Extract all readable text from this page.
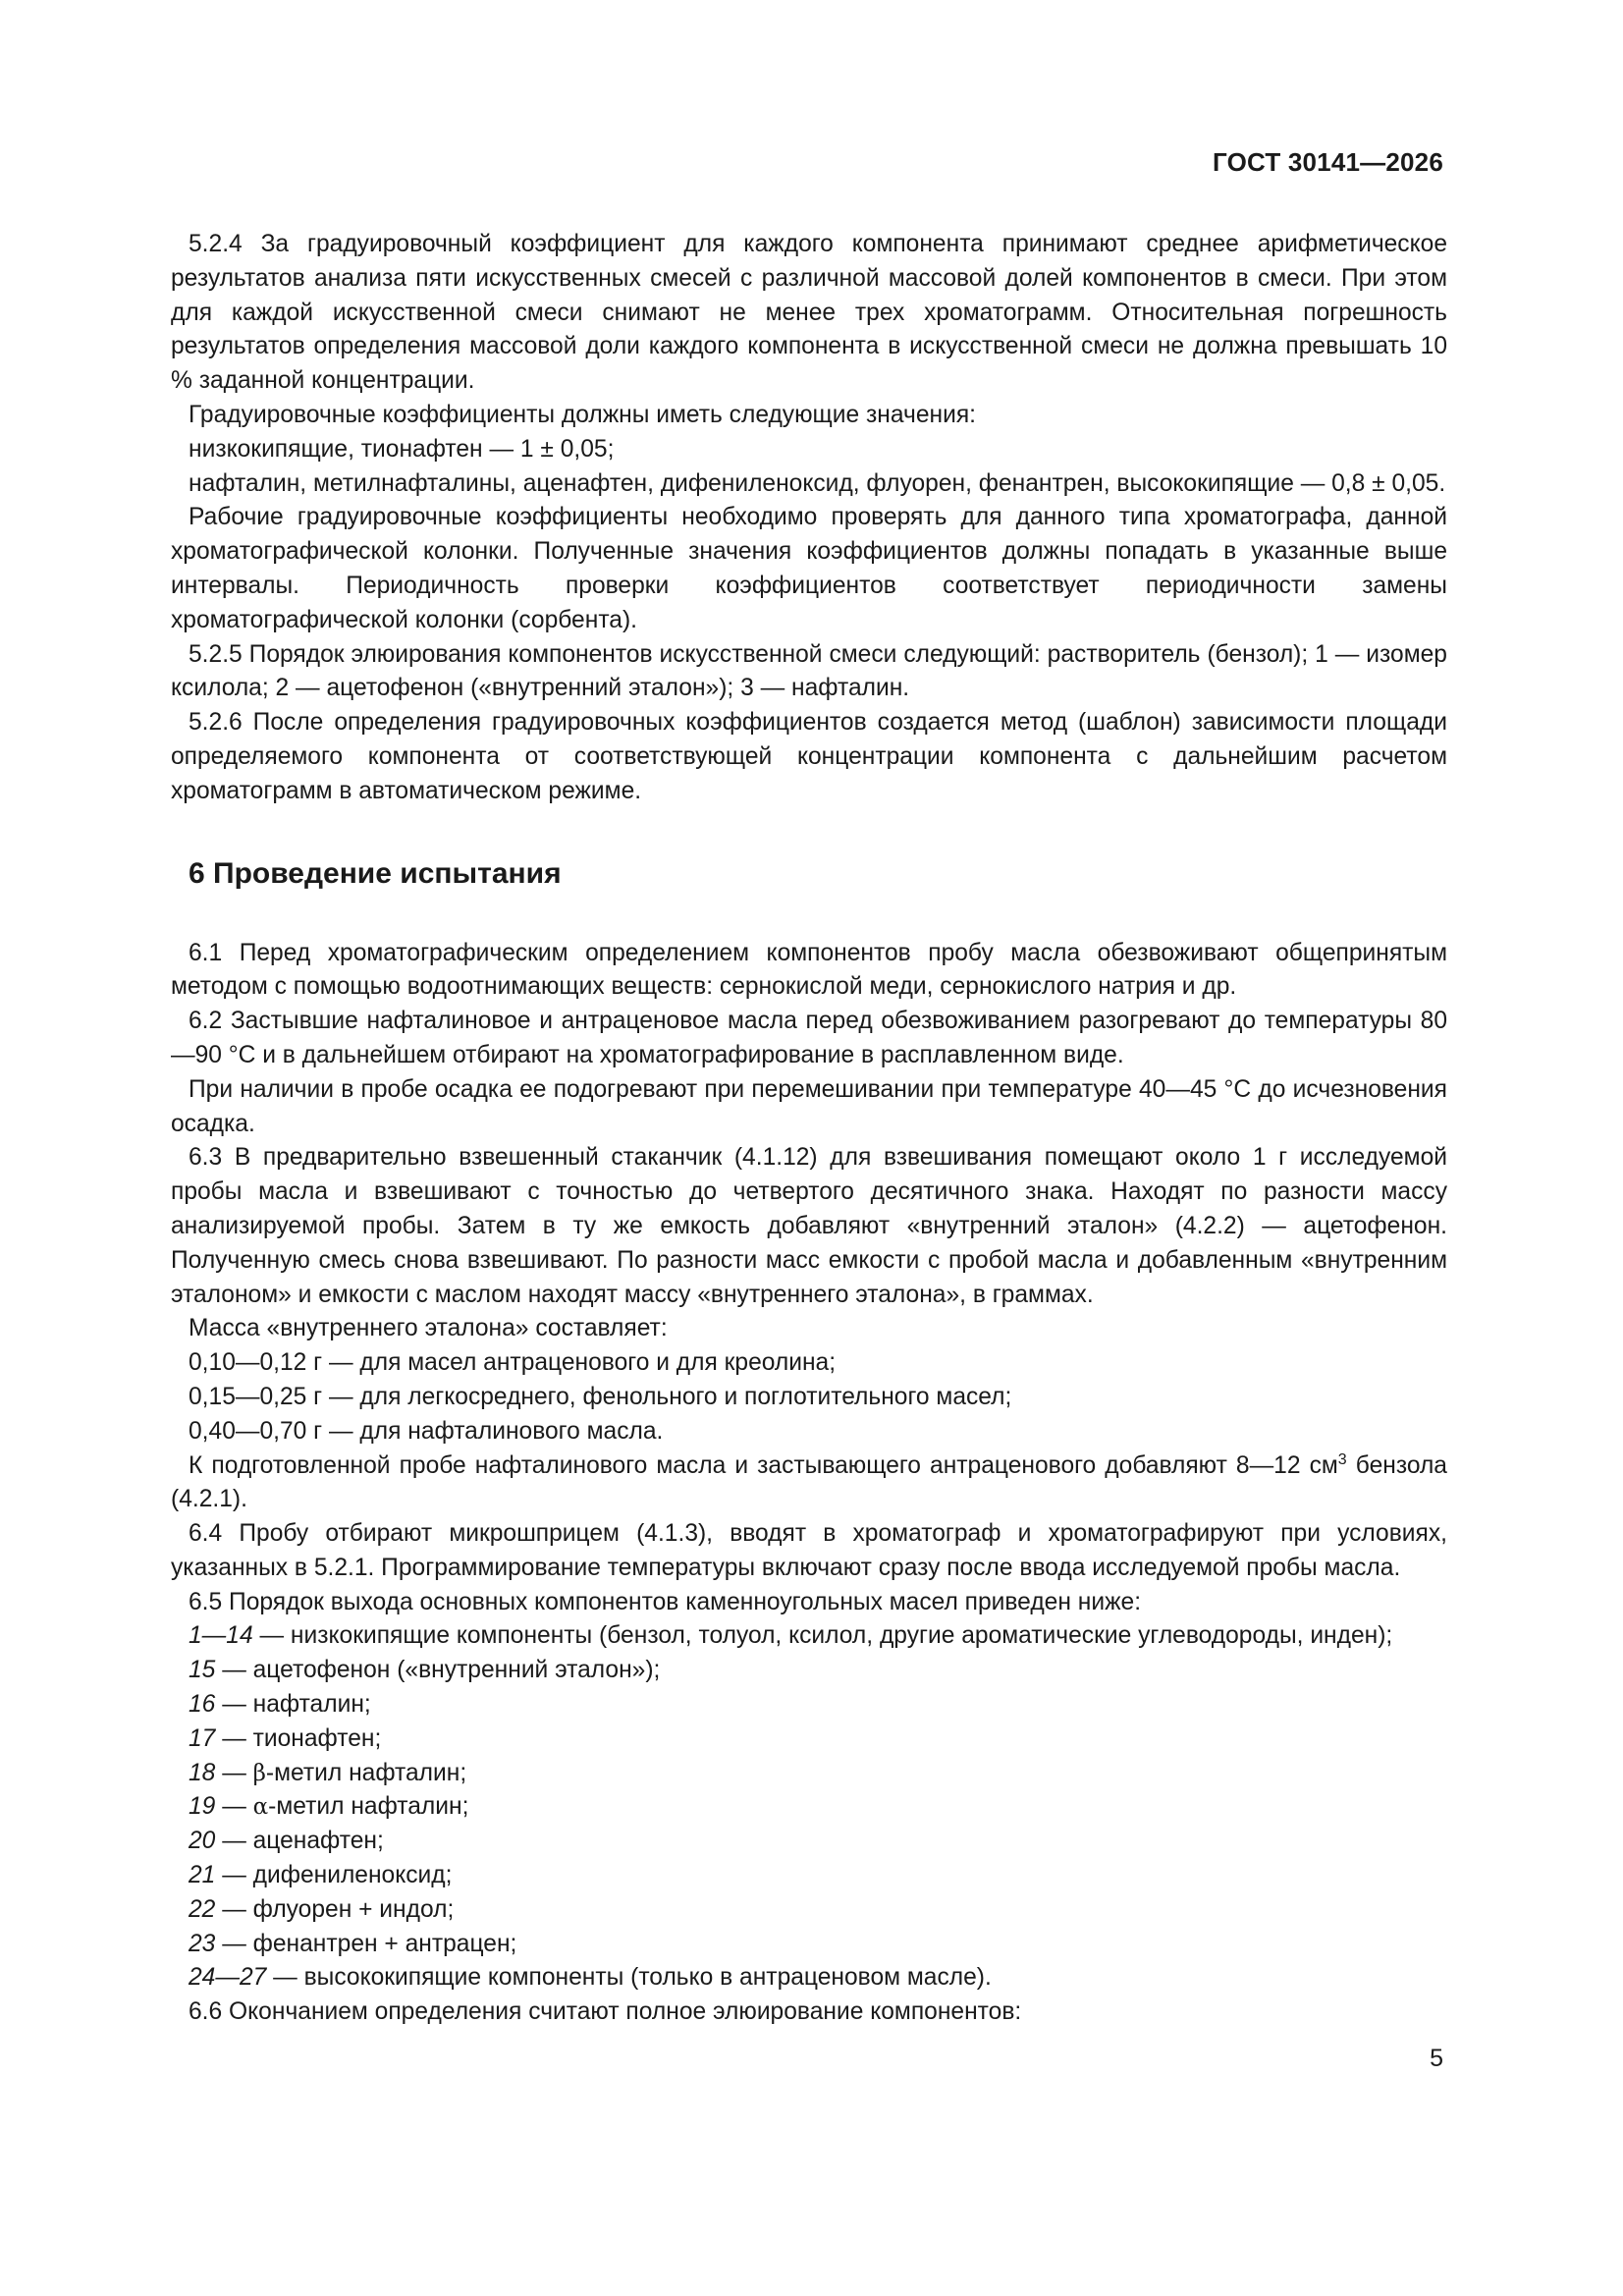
ГОСТ 30141—2026

5.2.4 За градуировочный коэффициент для каждого компонента принимают среднее арифметическое результатов анализа пяти искусственных смесей с различной массовой долей компонентов в смеси. При этом для каждой искусственной смеси снимают не менее трех хроматограмм. Относительная погрешность результатов определения массовой доли каждого компонента в искусственной смеси не должна превышать 10 % заданной концентрации.

Градуировочные коэффициенты должны иметь следующие значения:

низкокипящие, тионафтен — 1 ± 0,05;

нафталин, метилнафталины, аценафтен, дифениленоксид, флуорен, фенантрен, высококипящие — 0,8 ± 0,05.

Рабочие градуировочные коэффициенты необходимо проверять для данного типа хроматографа, данной хроматографической колонки. Полученные значения коэффициентов должны попадать в указанные выше интервалы. Периодичность проверки коэффициентов соответствует периодичности замены хроматографической колонки (сорбента).

5.2.5 Порядок элюирования компонентов искусственной смеси следующий: растворитель (бензол); 1 — изомер ксилола; 2 — ацетофенон («внутренний эталон»); 3 — нафталин.

5.2.6 После определения градуировочных коэффициентов создается метод (шаблон) зависимости площади определяемого компонента от соответствующей концентрации компонента с дальнейшим расчетом хроматограмм в автоматическом режиме.

6 Проведение испытания

6.1 Перед хроматографическим определением компонентов пробу масла обезвоживают общепринятым методом с помощью водоотнимающих веществ: сернокислой меди, сернокислого натрия и др.

6.2 Застывшие нафталиновое и антраценовое масла перед обезвоживанием разогревают до температуры 80—90 °С и в дальнейшем отбирают на хроматографирование в расплавленном виде.

При наличии в пробе осадка ее подогревают при перемешивании при температуре 40—45 °С до исчезновения осадка.

6.3 В предварительно взвешенный стаканчик (4.1.12) для взвешивания помещают около 1 г исследуемой пробы масла и взвешивают с точностью до четвертого десятичного знака. Находят по разности массу анализируемой пробы. Затем в ту же емкость добавляют «внутренний эталон» (4.2.2) — ацетофенон. Полученную смесь снова взвешивают. По разности масс емкости с пробой масла и добавленным «внутренним эталоном» и емкости с маслом находят массу «внутреннего эталона», в граммах.

Масса «внутреннего эталона» составляет:

0,10—0,12 г — для масел антраценового и для креолина;

0,15—0,25 г — для легкосреднего, фенольного и поглотительного масел;

0,40—0,70 г — для нафталинового масла.

К подготовленной пробе нафталинового масла и застывающего антраценового добавляют 8—12 $см^3$ бензола (4.2.1).

6.4 Пробу отбирают микрошприцем (4.1.3), вводят в хроматограф и хроматографируют при условиях, указанных в 5.2.1. Программирование температуры включают сразу после ввода исследуемой пробы масла.

6.5 Порядок выхода основных компонентов каменноугольных масел приведен ниже:

1—14 — низкокипящие компоненты (бензол, толуол, ксилол, другие ароматические углеводороды, инден);

15 — ацетофенон («внутренний эталон»);

16 — нафталин;

17 — тионафтен;

18 — β-метил нафталин;

19 — α-метил нафталин;

20 — аценафтен;

21 — дифениленоксид;

22 — флуорен + индол;

23 — фенантрен + антрацен;

24—27 — высококипящие компоненты (только в антраценовом масле).

6.6 Окончанием определения считают полное элюирование компонентов:

5
